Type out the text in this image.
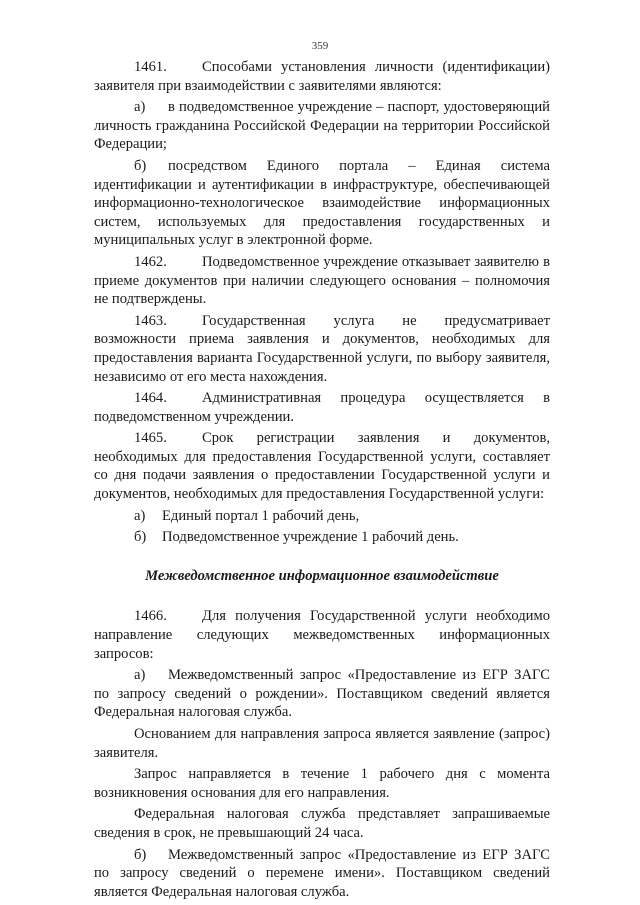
359

1461. Способами установления личности (идентификации) заявителя при взаимодействии с заявителями являются:

а) в подведомственное учреждение – паспорт, удостоверяющий личность гражданина Российской Федерации на территории Российской Федерации;

б) посредством Единого портала – Единая система идентификации и аутентификации в инфраструктуре, обеспечивающей информационно-технологическое взаимодействие информационных систем, используемых для предоставления государственных и муниципальных услуг в электронной форме.

1462. Подведомственное учреждение отказывает заявителю в приеме документов при наличии следующего основания – полномочия не подтверждены.

1463. Государственная услуга не предусматривает возможности приема заявления и документов, необходимых для предоставления варианта Государственной услуги, по выбору заявителя, независимо от его места нахождения.

1464. Административная процедура осуществляется в подведомственном учреждении.

1465. Срок регистрации заявления и документов, необходимых для предоставления Государственной услуги, составляет со дня подачи заявления о предоставлении Государственной услуги и документов, необходимых для предоставления Государственной услуги:

а) Единый портал 1 рабочий день,

б) Подведомственное учреждение 1 рабочий день.

Межведомственное информационное взаимодействие

1466. Для получения Государственной услуги необходимо направление следующих межведомственных информационных запросов:

а) Межведомственный запрос «Предоставление из ЕГР ЗАГС по запросу сведений о рождении». Поставщиком сведений является Федеральная налоговая служба.

Основанием для направления запроса является заявление (запрос) заявителя.

Запрос направляется в течение 1 рабочего дня с момента возникновения основания для его направления.

Федеральная налоговая служба представляет запрашиваемые сведения в срок, не превышающий 24 часа.

б) Межведомственный запрос «Предоставление из ЕГР ЗАГС по запросу сведений о перемене имени». Поставщиком сведений является Федеральная налоговая служба.
